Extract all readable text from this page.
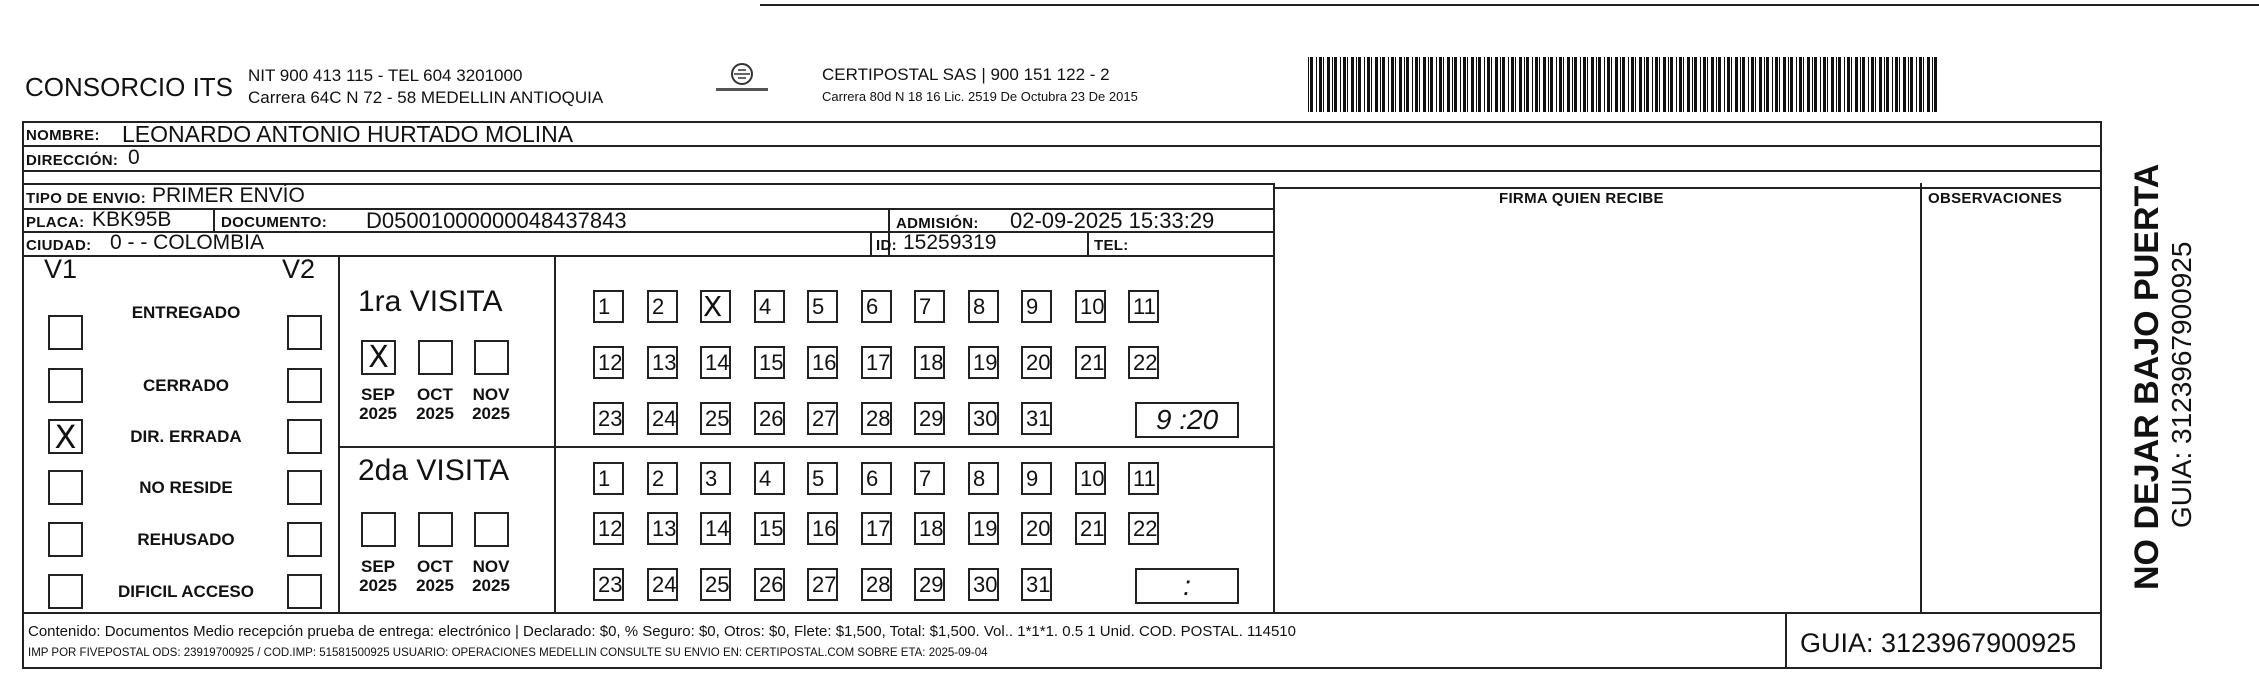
CONSORCIO ITS NIT 900 413 115 - TEL 604 3201000
Carrera 64C N 72 - 58 MEDELLIN ANTIOQUIA
CERTIPOSTAL SAS | 900 151 122 - 2
Carrera 80d N 18 16 Lic. 2519 De Octubra 23 De 2015
NOMBRE: LEONARDO ANTONIO HURTADO MOLINA
DIRECCIÓN: 0
TIPO DE ENVIO: PRIMER ENVÍO	FIRMA QUIEN RECIBE	OBSERVACIONES
PLACA: KBK95B	DOCUMENTO: D05001000000048437843	ADMISIÓN: 02-09-2025 15:33:29
CIUDAD: 0 - - COLOMBIA	ID: 15259319	TEL:
V1	V2
ENTREGADO
CERRADO
X	DIR. ERRADA
NO RESIDE
REHUSADO
DIFICIL ACCESO
1ra VISITA
X
SEP
2025
OCT
2025
NOV
2025
1	2	X	4	5	6	7	8	9	10 11
12 13 14 15 16 17 18 19 20 21 22
23 24 25 26 27 28 29 30 31	9 :20
2da VISITA
SEP
2025
OCT
2025
NOV
2025
1	2	3	4	5	6	7	8	9	10 11
12 13 14 15 16 17 18 19 20 21 22
23 24 25 26 27 28 29 30 31	:
Contenido: Documentos Medio recepción prueba de entrega: electrónico | Declarado: $0, % Seguro: $0, Otros: $0, Flete: $1,500, Total: $1,500. Vol.. 1*1*1. 0.5 1 Unid. COD. POSTAL. 114510
IMP POR FIVEPOSTAL ODS: 23919700925 / COD.IMP: 51581500925 USUARIO: OPERACIONES MEDELLIN CONSULTE SU ENVIO EN: CERTIPOSTAL.COM SOBRE ETA: 2025-09-04	GUIA: 3123967900925
NO DEJAR BAJO PUERTA GUIA: 3123967900925
